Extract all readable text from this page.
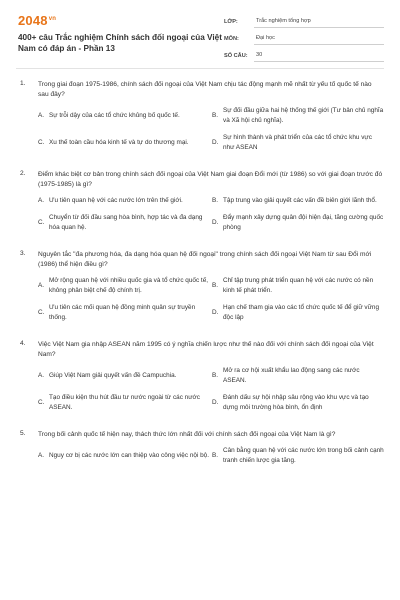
$2048^{vn}$
400+ câu Trắc nghiệm Chính sách đối ngoại của Việt Nam có đáp án - Phần 13
LỚP:	Trắc nghiệm tổng hợp
MÔN:	Đại học
SỐ CÂU:	30
1. Trong giai đoạn 1975-1986, chính sách đối ngoại của Việt Nam chịu tác động mạnh mẽ nhất từ yếu tố quốc tế nào sau đây?
A. Sự trỗi dậy của các tổ chức khủng bố quốc tế.	B.
Sự đối đầu giữa hai hệ thống thế giới (Tư bản chủ nghĩa và Xã hội chủ nghĩa).
C. Xu thế toàn cầu hóa kinh tế và tự do thương mại.	D.
Sự hình thành và phát triển của các tổ chức khu vực như ASEAN
2. Điểm khác biệt cơ bản trong chính sách đối ngoại của Việt Nam giai đoạn Đổi mới (từ 1986) so với giai đoạn trước đó (1975-1985) là gì?
A. Ưu tiên quan hệ với các nước lớn trên thế giới.	B. Tập trung vào giải quyết các vấn đề biên giới lãnh thổ.
C.
Chuyển từ đối đầu sang hòa bình, hợp tác và đa dạng hóa quan hệ.
D.
Đẩy mạnh xây dựng quân đội hiện đại, tăng cường quốc phòng
3. Nguyên tắc "đa phương hóa, đa dạng hóa quan hệ đối ngoại" trong chính sách đối ngoại Việt Nam từ sau Đổi mới (1986) thể hiện điều gì?
A.
Mở rộng quan hệ với nhiều quốc gia và tổ chức quốc tế, không phân biệt chế độ chính trị.
B.
Chỉ tập trung phát triển quan hệ với các nước có nền kinh tế phát triển.
C.
Ưu tiên các mối quan hệ đồng minh quân sự truyền thống.
D.
Hạn chế tham gia vào các tổ chức quốc tế để giữ vững độc lập
4. Việc Việt Nam gia nhập ASEAN năm 1995 có ý nghĩa chiến lược như thế nào đối với chính sách đối ngoại của Việt Nam?
A. Giúp Việt Nam giải quyết vấn đề Campuchia.	B.
Mở ra cơ hội xuất khẩu lao động sang các nước ASEAN.
C.
Tạo điều kiện thu hút đầu tư nước ngoài từ các nước ASEAN.
D.
Đánh dấu sự hội nhập sâu rộng vào khu vực và tạo dựng môi trường hòa bình, ổn định
5. Trong bối cảnh quốc tế hiện nay, thách thức lớn nhất đối với chính sách đối ngoại của Việt Nam là gì?
A. Nguy cơ bị các nước lớn can thiệp vào công việc nội bộ. B.
Cân bằng quan hệ với các nước lớn trong bối cảnh cạnh tranh chiến lược gia tăng.
